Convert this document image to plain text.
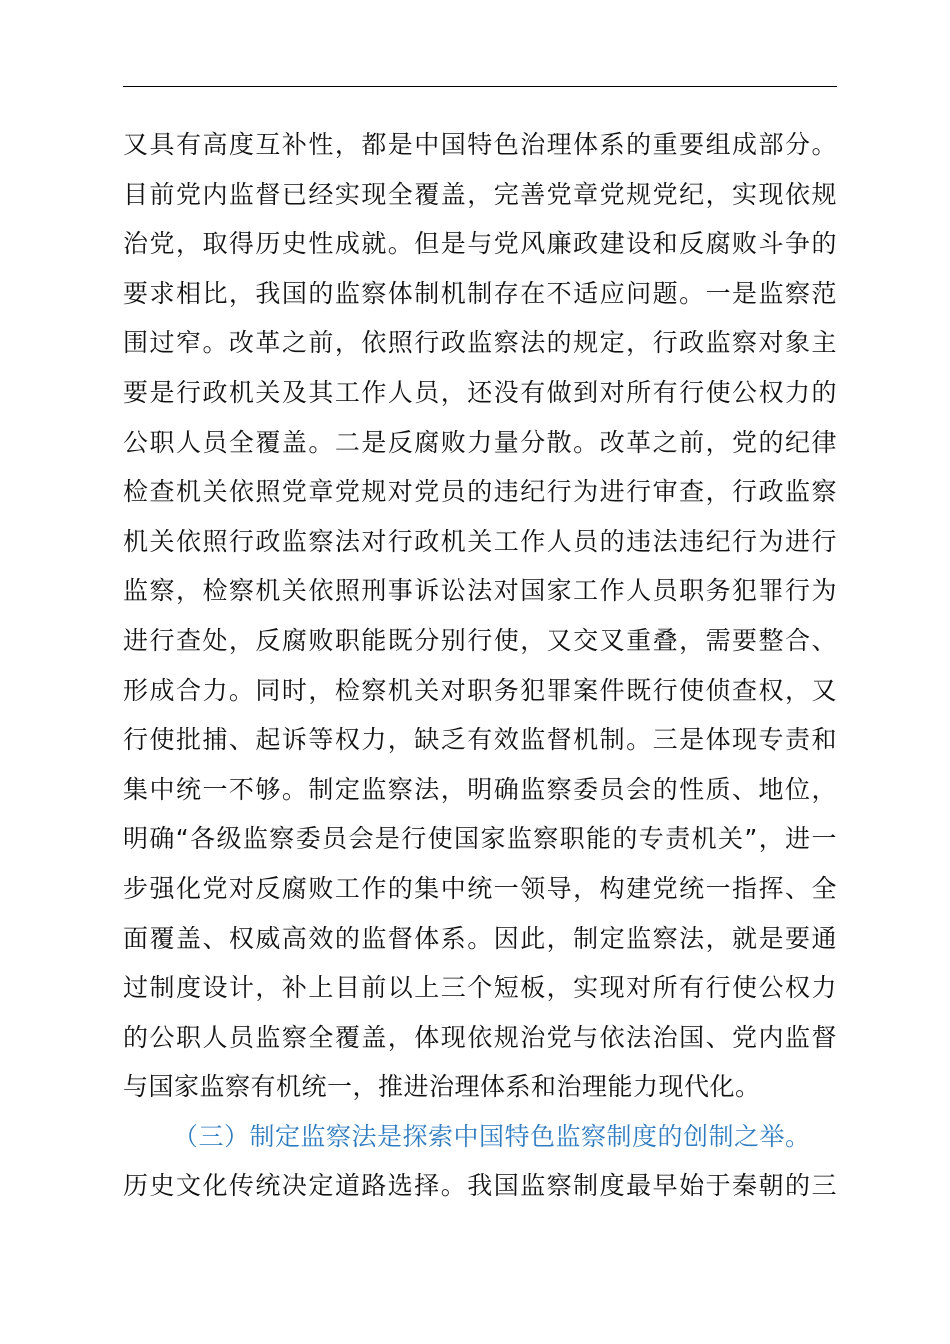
又具有高度互补性，都是中国特色治理体系的重要组成部分。
目前党内监督已经实现全覆盖，完善党章党规党纪，实现依规
治党，取得历史性成就。但是与党风廉政建设和反腐败斗争的
要求相比，我国的监察体制机制存在不适应问题。一是监察范
围过窄。改革之前，依照行政监察法的规定，行政监察对象主
要是行政机关及其工作人员，还没有做到对所有行使公权力的
公职人员全覆盖。二是反腐败力量分散。改革之前，党的纪律
检查机关依照党章党规对党员的违纪行为进行审查，行政监察
机关依照行政监察法对行政机关工作人员的违法违纪行为进行
监察，检察机关依照刑事诉讼法对国家工作人员职务犯罪行为
进行查处，反腐败职能既分别行使，又交叉重叠，需要整合、
形成合力。同时，检察机关对职务犯罪案件既行使侦查权，又
行使批捕、起诉等权力，缺乏有效监督机制。三是体现专责和
集中统一不够。制定监察法，明确监察委员会的性质、地位，
明确“各级监察委员会是行使国家监察职能的专责机关”，进一
步强化党对反腐败工作的集中统一领导，构建党统一指挥、全
面覆盖、权威高效的监督体系。因此，制定监察法，就是要通
过制度设计，补上目前以上三个短板，实现对所有行使公权力
的公职人员监察全覆盖，体现依规治党与依法治国、党内监督
与国家监察有机统一，推进治理体系和治理能力现代化。
（三）制定监察法是探索中国特色监察制度的创制之举。
历史文化传统决定道路选择。我国监察制度最早始于秦朝的三
